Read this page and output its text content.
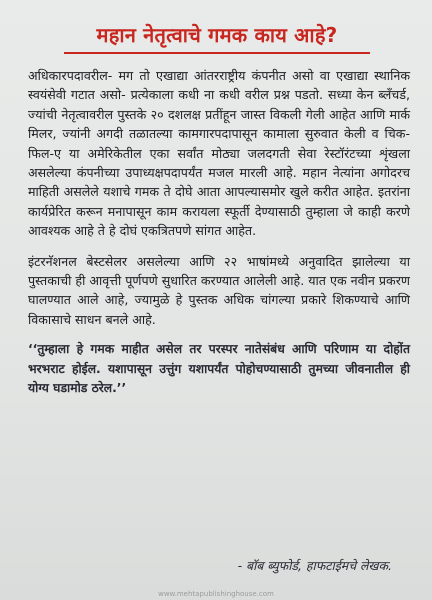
महान नेतृत्वाचे गमक काय आहे?

अधिकारपदावरील- मग तो एखाद्या आंतरराष्ट्रीय कंपनीत असो वा एखाद्या स्थानिक स्वयंसेवी गटात असो- प्रत्येकाला कधी ना कधी वरील प्रश्न पडतो. सध्या केन ब्लँचर्ड, ज्यांची नेतृत्वावरील पुस्तके २० दशलक्ष प्रतींहून जास्त विकली गेली आहेत आणि मार्क मिलर, ज्यांनी अगदी तळातल्या कामगारपदापासून कामाला सुरुवात केली व चिक-फिल-ए या अमेरिकेतील एका सर्वांत मोठ्या जलदगती सेवा रेस्टॉरंटच्या शृंखला असलेल्या कंपनीच्या उपाध्यक्षपदापर्यंत मजल मारली आहे. महान नेत्यांना अगोदरच माहिती असलेले यशाचे गमक ते दोघे आता आपल्यासमोर खुले करीत आहेत. इतरांना कार्यप्रेरित करून मनापासून काम करायला स्फूर्ती देण्यासाठी तुम्हाला जे काही करणे आवश्यक आहे ते हे दोघं एकत्रितपणे सांगत आहेत.

इंटरनॅशनल बेस्टसेलर असलेल्या आणि २२ भाषांमध्ये अनुवादित झालेल्या या पुस्तकाची ही आवृत्ती पूर्णपणे सुधारित करण्यात आलेली आहे. यात एक नवीन प्रकरण घालण्यात आले आहे, ज्यामुळे हे पुस्तक अधिक चांगल्या प्रकारे शिकण्याचे आणि विकासाचे साधन बनले आहे.

‘‘तुम्हाला हे गमक माहीत असेल तर परस्पर नातेसंबंध आणि परिणाम या दोहोंत भरभराट होईल. यशापासून उत्तुंग यशापर्यंत पोहोचण्यासाठी तुमच्या जीवनातील ही योग्य घडामोड ठरेल.’’
- बॉब ब्युफोर्ड, हाफटाईमचे लेखक.
www.mehtapublishinghouse.com
